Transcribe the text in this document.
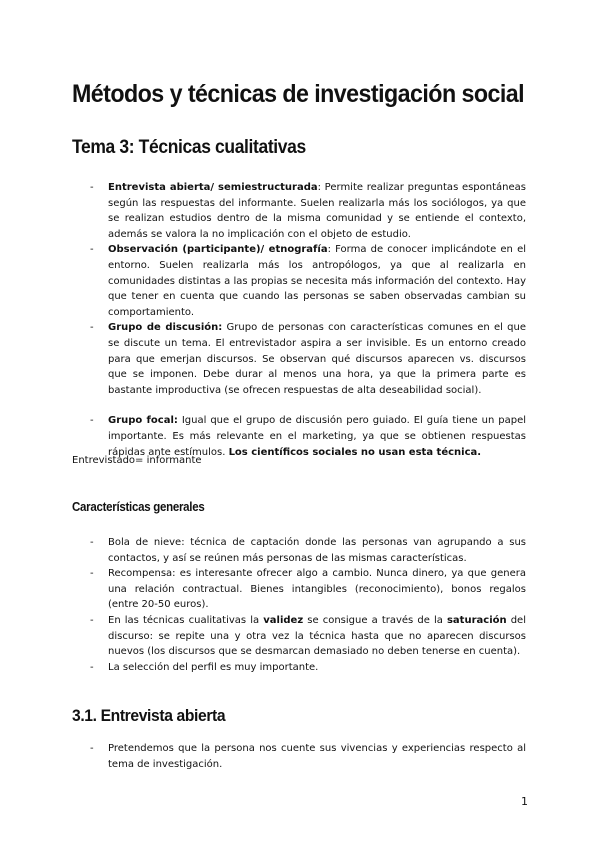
Métodos y técnicas de investigación social
Tema 3: Técnicas cualitativas
- Entrevista abierta/ semiestructurada: Permite realizar preguntas espontáneas según las respuestas del informante. Suelen realizarla más los sociólogos, ya que se realizan estudios dentro de la misma comunidad y se entiende el contexto, además se valora la no implicación con el objeto de estudio.
- Observación (participante)/ etnografía: Forma de conocer implicándote en el entorno. Suelen realizarla más los antropólogos, ya que al realizarla en comunidades distintas a las propias se necesita más información del contexto. Hay que tener en cuenta que cuando las personas se saben observadas cambian su comportamiento.
- Grupo de discusión: Grupo de personas con características comunes en el que se discute un tema. El entrevistador aspira a ser invisible. Es un entorno creado para que emerjan discursos. Se observan qué discursos aparecen vs. discursos que se imponen. Debe durar al menos una hora, ya que la primera parte es bastante improductiva (se ofrecen respuestas de alta deseabilidad social).
- Grupo focal: Igual que el grupo de discusión pero guiado. El guía tiene un papel importante. Es más relevante en el marketing, ya que se obtienen respuestas rápidas ante estímulos. Los científicos sociales no usan esta técnica.
Entrevistado= informante
Características generales
- Bola de nieve: técnica de captación donde las personas van agrupando a sus contactos, y así se reúnen más personas de las mismas características.
- Recompensa: es interesante ofrecer algo a cambio. Nunca dinero, ya que genera una relación contractual. Bienes intangibles (reconocimiento), bonos regalos (entre 20-50 euros).
- En las técnicas cualitativas la validez se consigue a través de la saturación del discurso: se repite una y otra vez la técnica hasta que no aparecen discursos nuevos (los discursos que se desmarcan demasiado no deben tenerse en cuenta).
- La selección del perfil es muy importante.
3.1. Entrevista abierta
- Pretendemos que la persona nos cuente sus vivencias y experiencias respecto al tema de investigación.
1
